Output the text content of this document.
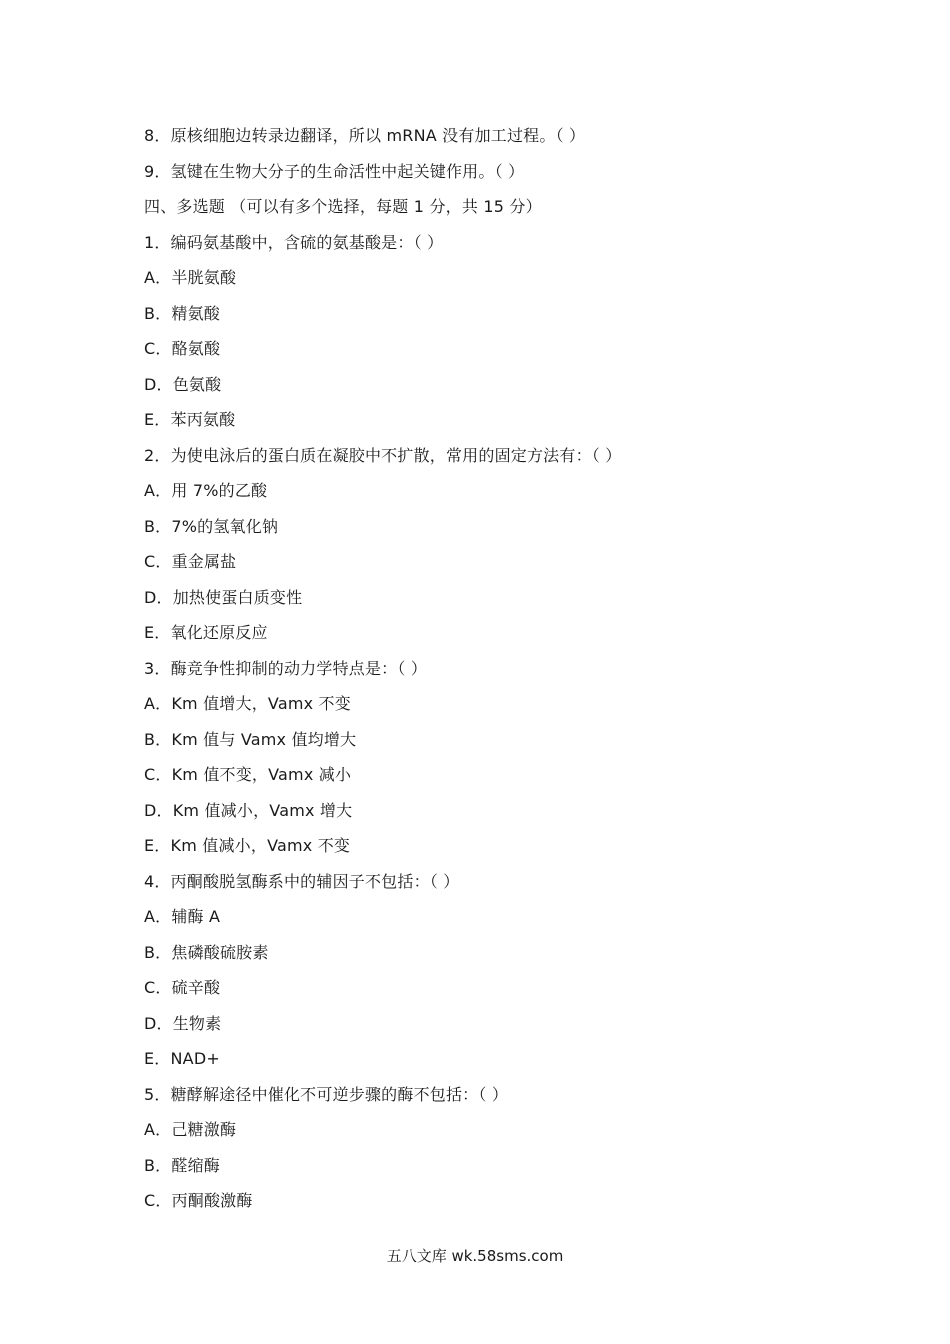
8．原核细胞边转录边翻译，所以 mRNA 没有加工过程。（ ）
9．氢键在生物大分子的生命活性中起关键作用。（ ）
四、多选题 （可以有多个选择，每题 1 分，共 15 分）
1．编码氨基酸中，含硫的氨基酸是：（ ）
A．半胱氨酸
B．精氨酸
C．酪氨酸
D．色氨酸
E．苯丙氨酸
2．为使电泳后的蛋白质在凝胶中不扩散，常用的固定方法有：（ ）
A．用 7%的乙酸
B．7%的氢氧化钠
C．重金属盐
D．加热使蛋白质变性
E．氧化还原反应
3．酶竞争性抑制的动力学特点是：（ ）
A．Km 值增大，Vamx 不变
B．Km 值与 Vamx 值均增大
C．Km 值不变，Vamx 减小
D．Km 值减小，Vamx 增大
E．Km 值减小，Vamx 不变
4．丙酮酸脱氢酶系中的辅因子不包括：（ ）
A．辅酶 A
B．焦磷酸硫胺素
C．硫辛酸
D．生物素
E．NAD+
5．糖酵解途径中催化不可逆步骤的酶不包括：（ ）
A．己糖激酶
B．醛缩酶
C．丙酮酸激酶
五八文库 wk.58sms.com
